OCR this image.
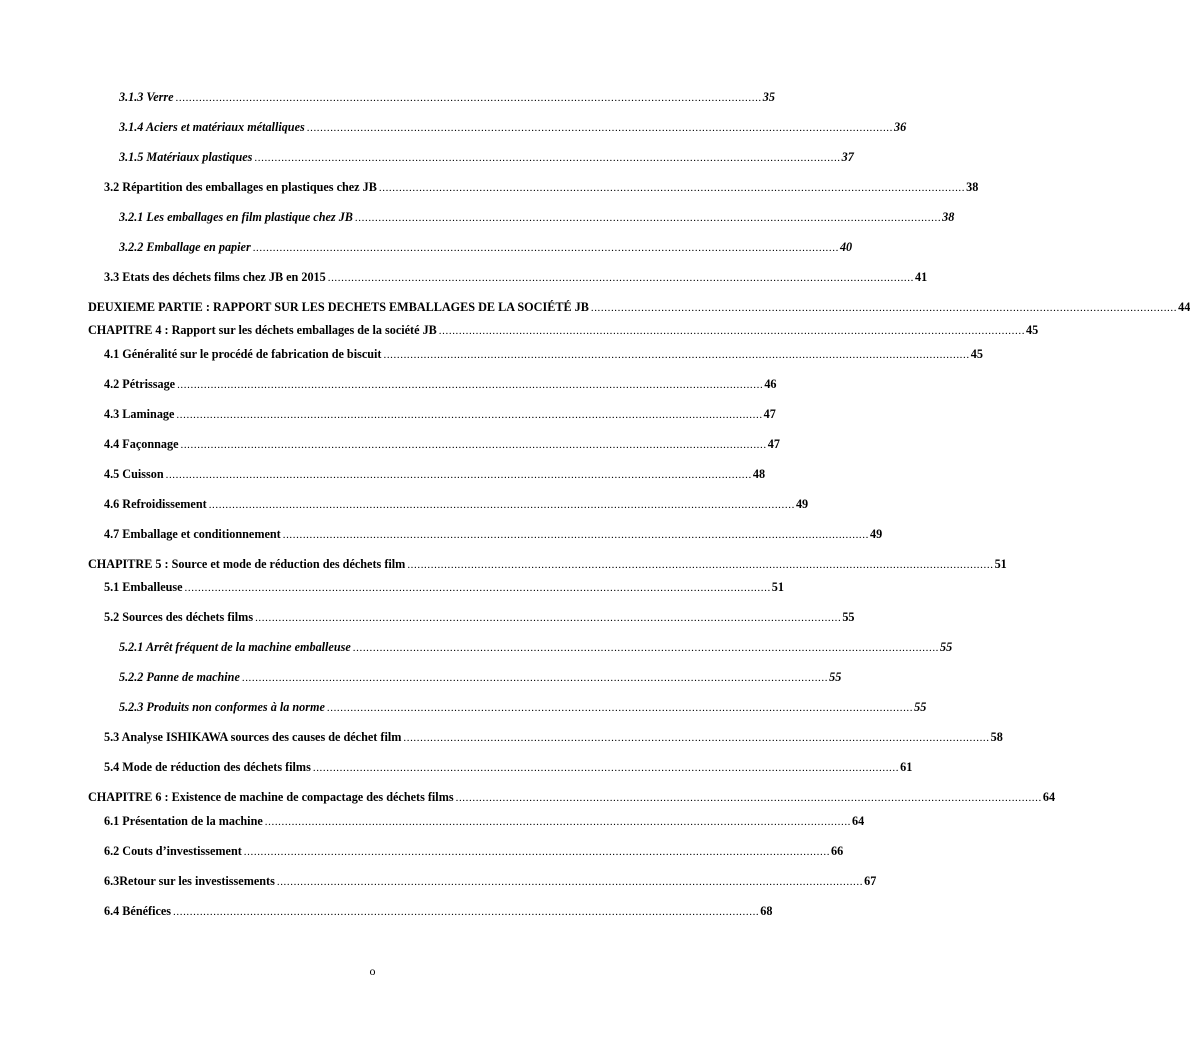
3.1.3 Verre ............................................................................................................................................................................... 35
3.1.4 Aciers et matériaux métalliques ............................................................................................................................................................................... 36
3.1.5 Matériaux plastiques ............................................................................................................................................................................... 37
3.2 Répartition des emballages en plastiques chez JB ............................................................................................................................................................................... 38
3.2.1 Les emballages en film plastique chez JB ............................................................................................................................................................................... 38
3.2.2 Emballage en papier ............................................................................................................................................................................... 40
3.3 Etats des déchets films chez JB en 2015 ............................................................................................................................................................................... 41
DEUXIEME PARTIE : RAPPORT SUR LES DECHETS EMBALLAGES DE LA SOCIÉTÉ JB ............................................................................................................................................................................... 44
CHAPITRE 4 : Rapport sur les déchets emballages de la société JB ............................................................................................................................................................................... 45
4.1 Généralité sur le procédé de fabrication de biscuit ............................................................................................................................................................................... 45
4.2 Pétrissage ............................................................................................................................................................................... 46
4.3 Laminage ............................................................................................................................................................................... 47
4.4 Façonnage ............................................................................................................................................................................... 47
4.5 Cuisson ............................................................................................................................................................................... 48
4.6 Refroidissement ............................................................................................................................................................................... 49
4.7 Emballage et conditionnement ............................................................................................................................................................................... 49
CHAPITRE 5 : Source et mode de réduction des déchets film ............................................................................................................................................................................... 51
5.1 Emballeuse ............................................................................................................................................................................... 51
5.2 Sources des déchets films ............................................................................................................................................................................... 55
5.2.1 Arrêt fréquent de la machine emballeuse ............................................................................................................................................................................... 55
5.2.2 Panne de machine ............................................................................................................................................................................... 55
5.2.3 Produits non conformes à la norme ............................................................................................................................................................................... 55
5.3 Analyse ISHIKAWA sources des causes de déchet film ............................................................................................................................................................................... 58
5.4 Mode de réduction des déchets films ............................................................................................................................................................................... 61
CHAPITRE 6 : Existence de machine de compactage des déchets films ............................................................................................................................................................................... 64
6.1 Présentation de la machine ............................................................................................................................................................................... 64
6.2 Couts d’investissement ............................................................................................................................................................................... 66
6.3Retour sur les investissements ............................................................................................................................................................................... 67
6.4 Bénéfices ............................................................................................................................................................................... 68
o
